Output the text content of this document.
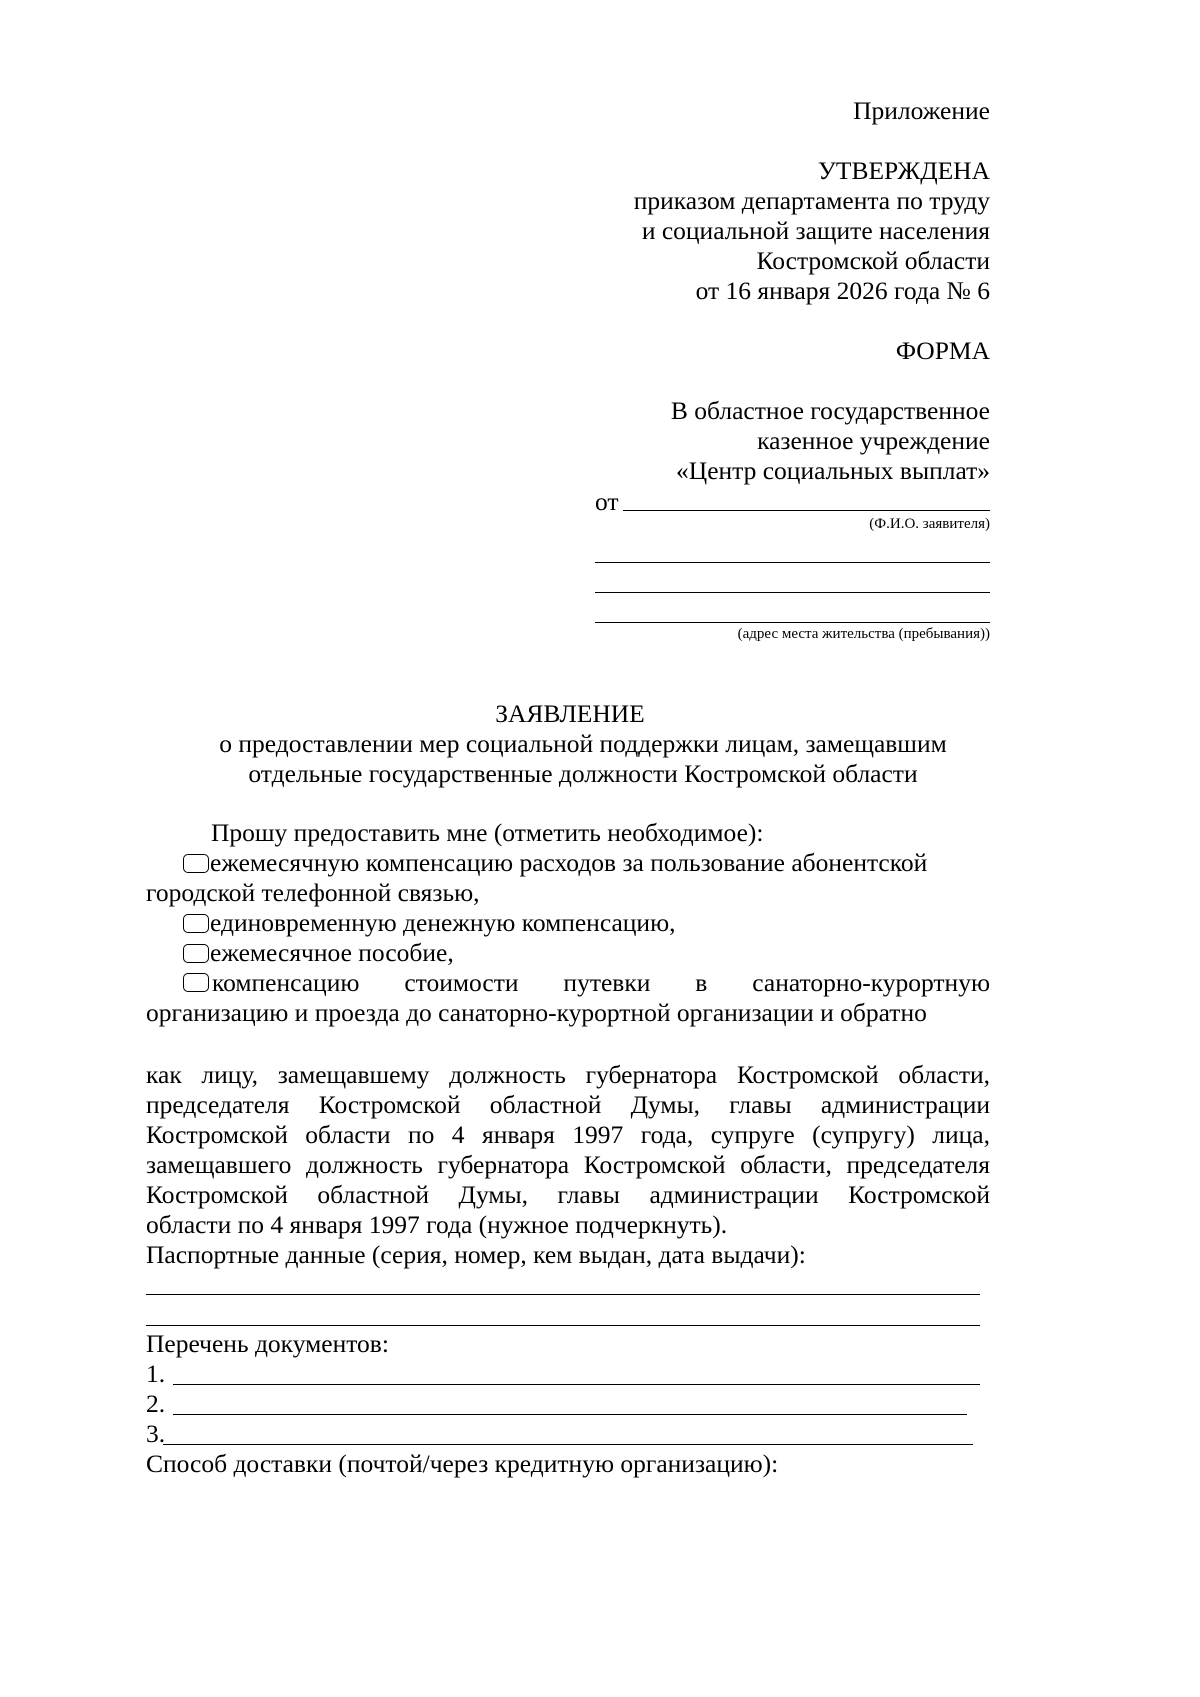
Приложение
УТВЕРЖДЕНА
приказом департамента по труду
и социальной защите населения
Костромской области
от 16 января 2026 года № 6
ФОРМА
В областное государственное
казенное учреждение
«Центр социальных выплат»
от
(Ф.И.О. заявителя)
(адрес места жительства (пребывания))
ЗАЯВЛЕНИЕ
о предоставлении мер социальной поддержки лицам, замещавшим
отдельные государственные должности Костромской области
Прошу предоставить мне (отметить необходимое):
ежемесячную компенсацию расходов за пользование абонентской
городской телефонной связью,
единовременную денежную компенсацию,
ежемесячное пособие,
компенсацию стоимости путевки в санаторно-курортную
организацию и проезда до санаторно-курортной организации и обратно
как лицу, замещавшему должность губернатора Костромской области,
председателя Костромской областной Думы, главы администрации
Костромской области по 4 января 1997 года, супруге (супругу) лица,
замещавшего должность губернатора Костромской области, председателя
Костромской областной Думы, главы администрации Костромской
области по 4 января 1997 года (нужное подчеркнуть).
Паспортные данные (серия, номер, кем выдан, дата выдачи):
Перечень документов:
1.
2.
3.
Способ доставки (почтой/через кредитную организацию):
